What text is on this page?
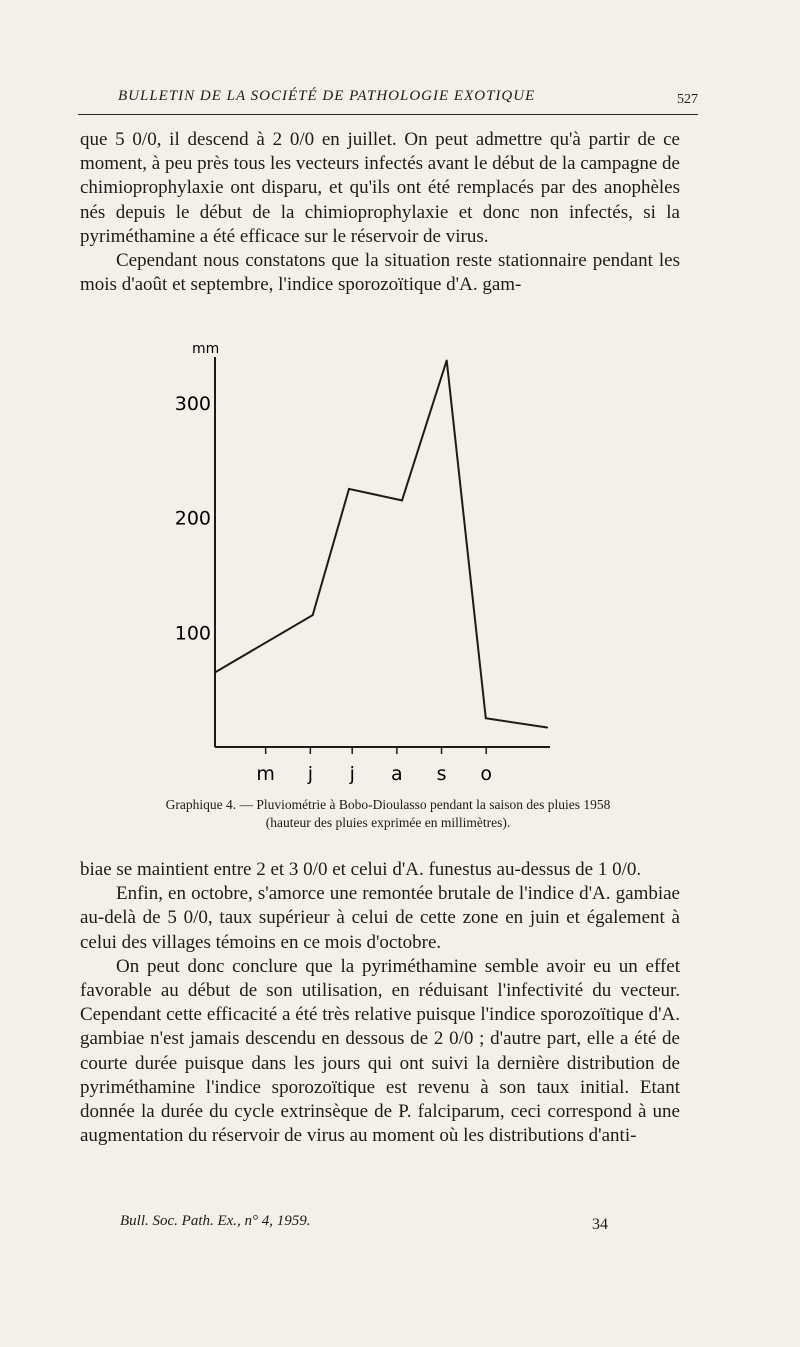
BULLETIN DE LA SOCIÉTÉ DE PATHOLOGIE EXOTIQUE	527

que 5 0/0, il descend à 2 0/0 en juillet. On peut admettre qu'à partir de ce moment, à peu près tous les vecteurs infectés avant le début de la campagne de chimioprophylaxie ont disparu, et qu'ils ont été remplacés par des anophèles nés depuis le début de la chimioprophylaxie et donc non infectés, si la pyriméthamine a été efficace sur le réservoir de virus.

Cependant nous constatons que la situation reste stationnaire pendant les mois d'août et septembre, l'indice sporozoïtique d'A. gam-

mm
100
200
300
m j j a s o
Graphique 4. — Pluviométrie à Bobo-Dioulasso pendant la saison des pluies 1958
(hauteur des pluies exprimée en millimètres).

biae se maintient entre 2 et 3 0/0 et celui d'A. funestus au-dessus de 1 0/0.

Enfin, en octobre, s'amorce une remontée brutale de l'indice d'A. gambiae au-delà de 5 0/0, taux supérieur à celui de cette zone en juin et également à celui des villages témoins en ce mois d'octobre.

On peut donc conclure que la pyriméthamine semble avoir eu un effet favorable au début de son utilisation, en réduisant l'infectivité du vecteur. Cependant cette efficacité a été très relative puisque l'indice sporozoïtique d'A. gambiae n'est jamais descendu en dessous de 2 0/0 ; d'autre part, elle a été de courte durée puisque dans les jours qui ont suivi la dernière distribution de pyriméthamine l'indice sporozoïtique est revenu à son taux initial. Etant donnée la durée du cycle extrinsèque de P. falciparum, ceci correspond à une augmentation du réservoir de virus au moment où les distributions d'anti-

Bull. Soc. Path. Ex., n° 4, 1959.	34
